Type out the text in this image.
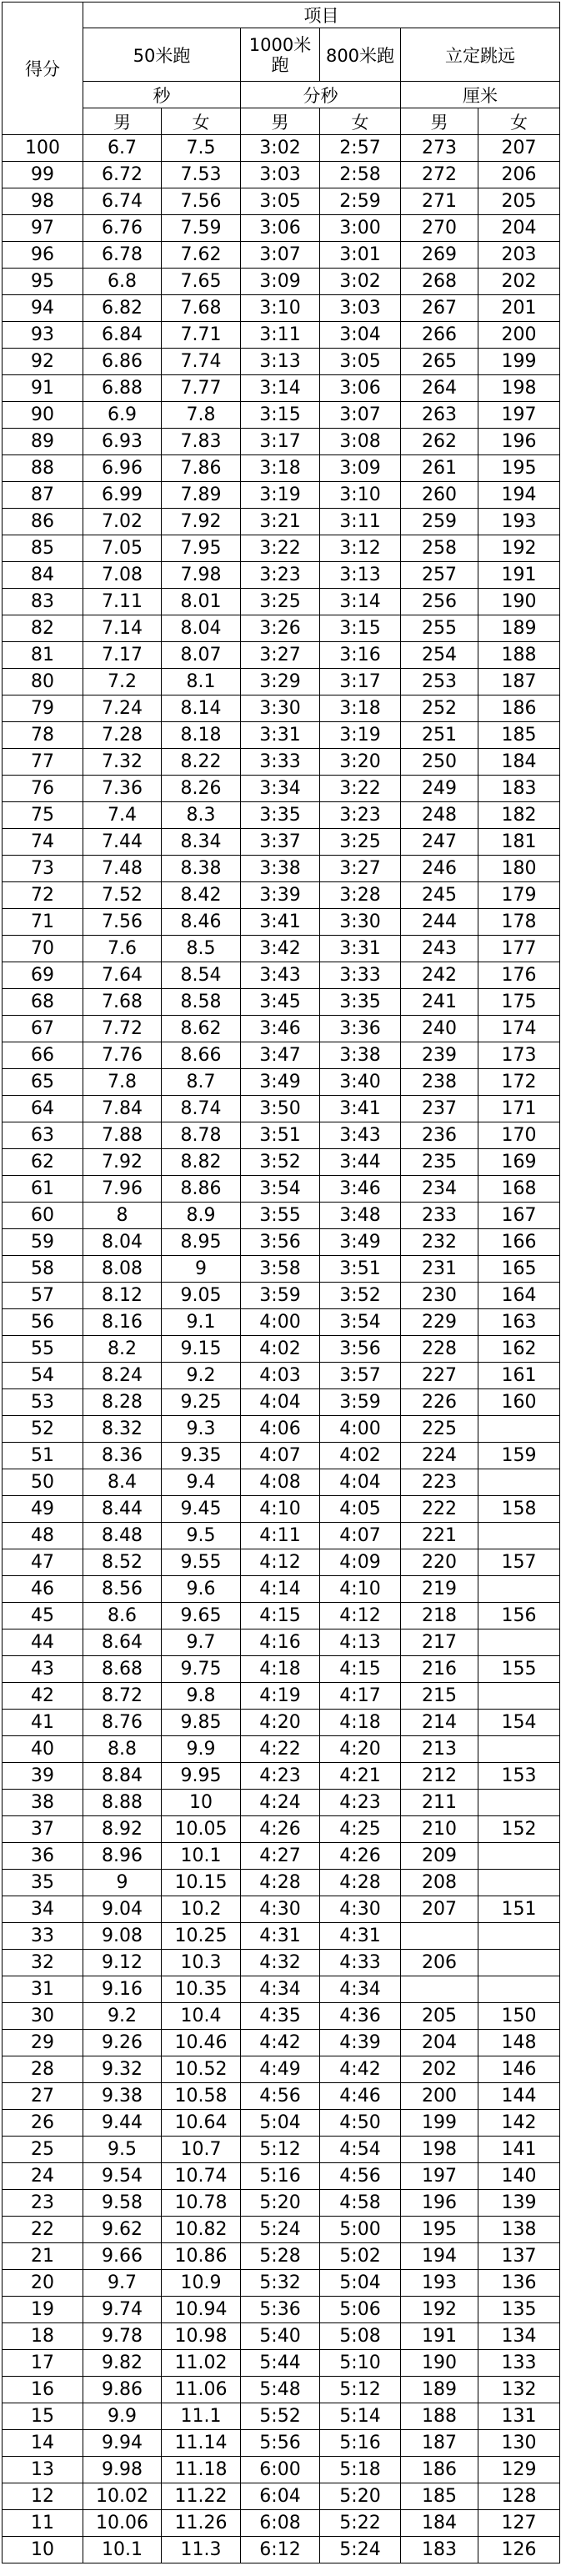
得分	项目					
	50米跑		1000米跑	800米跑	立定跳远	
	秒		分秒		厘米	
	男	女	男	女	男	女
100	6.7	7.5	3:02	2:57	273	207
99	6.72	7.53	3:03	2:58	272	206
98	6.74	7.56	3:05	2:59	271	205
97	6.76	7.59	3:06	3:00	270	204
96	6.78	7.62	3:07	3:01	269	203
95	6.8	7.65	3:09	3:02	268	202
94	6.82	7.68	3:10	3:03	267	201
93	6.84	7.71	3:11	3:04	266	200
92	6.86	7.74	3:13	3:05	265	199
91	6.88	7.77	3:14	3:06	264	198
90	6.9	7.8	3:15	3:07	263	197
89	6.93	7.83	3:17	3:08	262	196
88	6.96	7.86	3:18	3:09	261	195
87	6.99	7.89	3:19	3:10	260	194
86	7.02	7.92	3:21	3:11	259	193
85	7.05	7.95	3:22	3:12	258	192
84	7.08	7.98	3:23	3:13	257	191
83	7.11	8.01	3:25	3:14	256	190
82	7.14	8.04	3:26	3:15	255	189
81	7.17	8.07	3:27	3:16	254	188
80	7.2	8.1	3:29	3:17	253	187
79	7.24	8.14	3:30	3:18	252	186
78	7.28	8.18	3:31	3:19	251	185
77	7.32	8.22	3:33	3:20	250	184
76	7.36	8.26	3:34	3:22	249	183
75	7.4	8.3	3:35	3:23	248	182
74	7.44	8.34	3:37	3:25	247	181
73	7.48	8.38	3:38	3:27	246	180
72	7.52	8.42	3:39	3:28	245	179
71	7.56	8.46	3:41	3:30	244	178
70	7.6	8.5	3:42	3:31	243	177
69	7.64	8.54	3:43	3:33	242	176
68	7.68	8.58	3:45	3:35	241	175
67	7.72	8.62	3:46	3:36	240	174
66	7.76	8.66	3:47	3:38	239	173
65	7.8	8.7	3:49	3:40	238	172
64	7.84	8.74	3:50	3:41	237	171
63	7.88	8.78	3:51	3:43	236	170
62	7.92	8.82	3:52	3:44	235	169
61	7.96	8.86	3:54	3:46	234	168
60	8	8.9	3:55	3:48	233	167
59	8.04	8.95	3:56	3:49	232	166
58	8.08	9	3:58	3:51	231	165
57	8.12	9.05	3:59	3:52	230	164
56	8.16	9.1	4:00	3:54	229	163
55	8.2	9.15	4:02	3:56	228	162
54	8.24	9.2	4:03	3:57	227	161
53	8.28	9.25	4:04	3:59	226	160
52	8.32	9.3	4:06	4:00	225	
51	8.36	9.35	4:07	4:02	224	159
50	8.4	9.4	4:08	4:04	223	
49	8.44	9.45	4:10	4:05	222	158
48	8.48	9.5	4:11	4:07	221	
47	8.52	9.55	4:12	4:09	220	157
46	8.56	9.6	4:14	4:10	219	
45	8.6	9.65	4:15	4:12	218	156
44	8.64	9.7	4:16	4:13	217	
43	8.68	9.75	4:18	4:15	216	155
42	8.72	9.8	4:19	4:17	215	
41	8.76	9.85	4:20	4:18	214	154
40	8.8	9.9	4:22	4:20	213	
39	8.84	9.95	4:23	4:21	212	153
38	8.88	10	4:24	4:23	211	
37	8.92	10.05	4:26	4:25	210	152
36	8.96	10.1	4:27	4:26	209	
35	9	10.15	4:28	4:28	208	
34	9.04	10.2	4:30	4:30	207	151
33	9.08	10.25	4:31	4:31		
32	9.12	10.3	4:32	4:33	206	
31	9.16	10.35	4:34	4:34		
30	9.2	10.4	4:35	4:36	205	150
29	9.26	10.46	4:42	4:39	204	148
28	9.32	10.52	4:49	4:42	202	146
27	9.38	10.58	4:56	4:46	200	144
26	9.44	10.64	5:04	4:50	199	142
25	9.5	10.7	5:12	4:54	198	141
24	9.54	10.74	5:16	4:56	197	140
23	9.58	10.78	5:20	4:58	196	139
22	9.62	10.82	5:24	5:00	195	138
21	9.66	10.86	5:28	5:02	194	137
20	9.7	10.9	5:32	5:04	193	136
19	9.74	10.94	5:36	5:06	192	135
18	9.78	10.98	5:40	5:08	191	134
17	9.82	11.02	5:44	5:10	190	133
16	9.86	11.06	5:48	5:12	189	132
15	9.9	11.1	5:52	5:14	188	131
14	9.94	11.14	5:56	5:16	187	130
13	9.98	11.18	6:00	5:18	186	129
12	10.02	11.22	6:04	5:20	185	128
11	10.06	11.26	6:08	5:22	184	127
10	10.1	11.3	6:12	5:24	183	126
